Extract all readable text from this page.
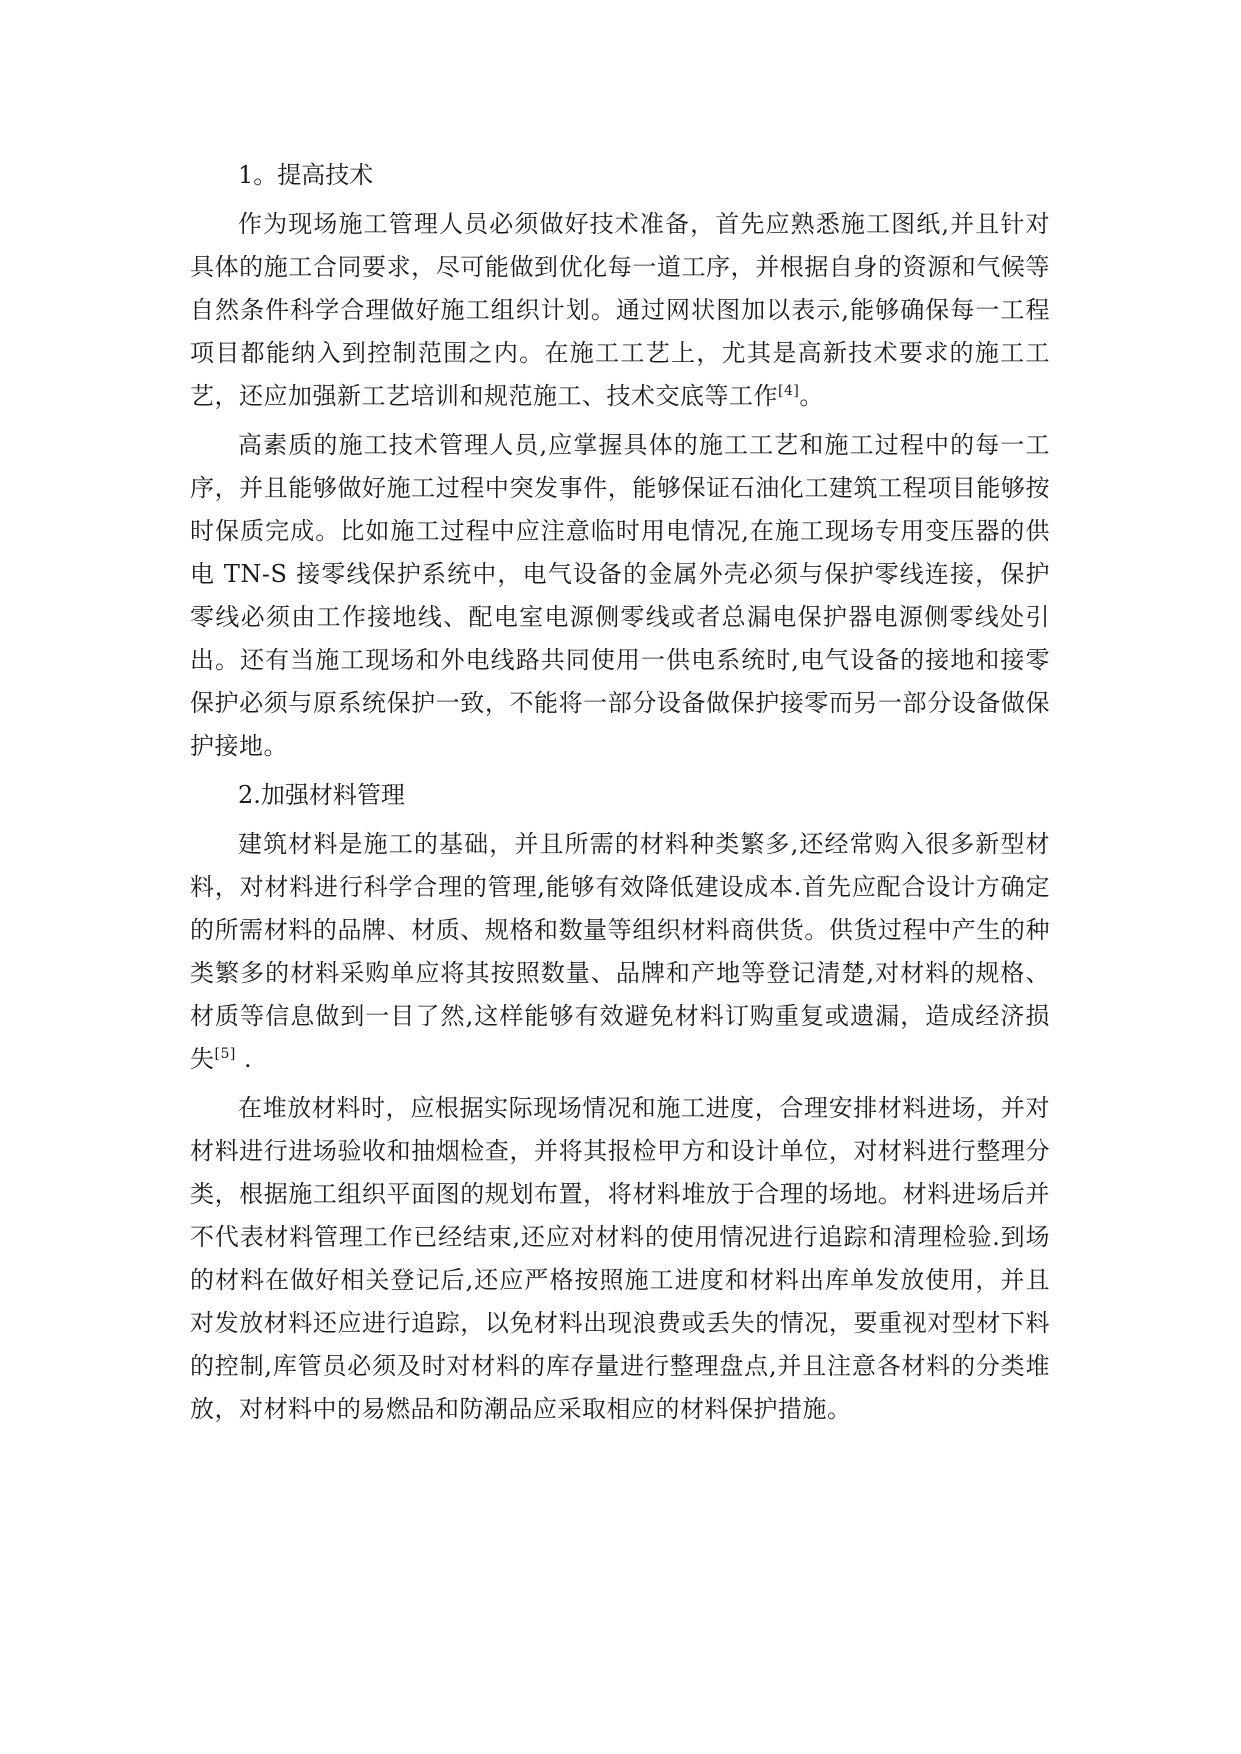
1。提高技术

作为现场施工管理人员必须做好技术准备，首先应熟悉施工图纸,并且针对具体的施工合同要求，尽可能做到优化每一道工序，并根据自身的资源和气候等自然条件科学合理做好施工组织计划。通过网状图加以表示,能够确保每一工程项目都能纳入到控制范围之内。在施工工艺上，尤其是高新技术要求的施工工艺，还应加强新工艺培训和规范施工、技术交底等工作[4]。

高素质的施工技术管理人员,应掌握具体的施工工艺和施工过程中的每一工序，并且能够做好施工过程中突发事件，能够保证石油化工建筑工程项目能够按时保质完成。比如施工过程中应注意临时用电情况,在施工现场专用变压器的供电 TN-S 接零线保护系统中，电气设备的金属外壳必须与保护零线连接，保护零线必须由工作接地线、配电室电源侧零线或者总漏电保护器电源侧零线处引出。还有当施工现场和外电线路共同使用一供电系统时,电气设备的接地和接零保护必须与原系统保护一致，不能将一部分设备做保护接零而另一部分设备做保护接地。

2.加强材料管理

建筑材料是施工的基础，并且所需的材料种类繁多,还经常购入很多新型材料，对材料进行科学合理的管理,能够有效降低建设成本.首先应配合设计方确定的所需材料的品牌、材质、规格和数量等组织材料商供货。供货过程中产生的种类繁多的材料采购单应将其按照数量、品牌和产地等登记清楚,对材料的规格、材质等信息做到一目了然,这样能够有效避免材料订购重复或遗漏，造成经济损失[5] .

在堆放材料时，应根据实际现场情况和施工进度，合理安排材料进场，并对材料进行进场验收和抽烟检查，并将其报检甲方和设计单位，对材料进行整理分类，根据施工组织平面图的规划布置，将材料堆放于合理的场地。材料进场后并不代表材料管理工作已经结束,还应对材料的使用情况进行追踪和清理检验.到场的材料在做好相关登记后,还应严格按照施工进度和材料出库单发放使用，并且对发放材料还应进行追踪，以免材料出现浪费或丢失的情况，要重视对型材下料的控制,库管员必须及时对材料的库存量进行整理盘点,并且注意各材料的分类堆放，对材料中的易燃品和防潮品应采取相应的材料保护措施。
